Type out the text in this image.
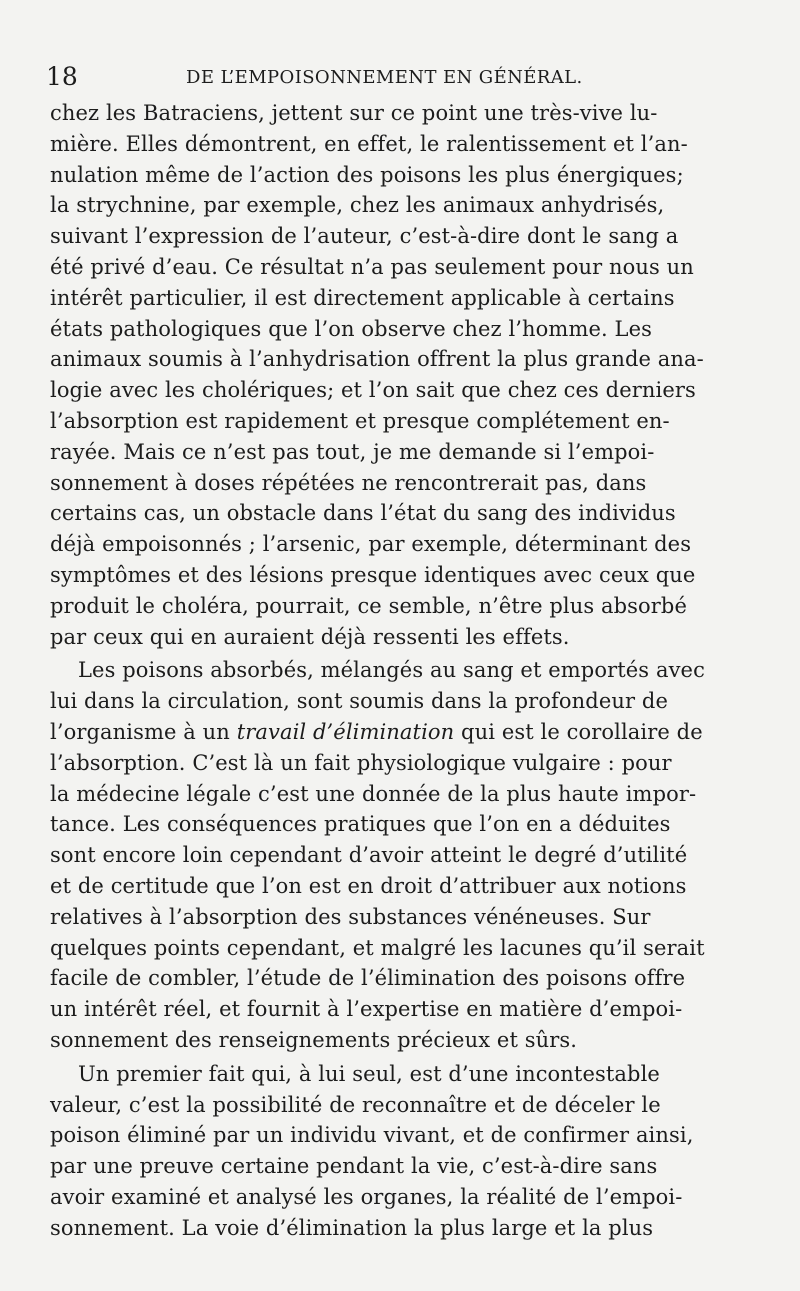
18	DE L’EMPOISONNEMENT EN GÉNÉRAL.
chez les Batraciens, jettent sur ce point une très-vive lu-
mière. Elles démontrent, en effet, le ralentissement et l’an-
nulation même de l’action des poisons les plus énergiques;
la strychnine, par exemple, chez les animaux anhydrisés,
suivant l’expression de l’auteur, c’est-à-dire dont le sang a
été privé d’eau. Ce résultat n’a pas seulement pour nous un
intérêt particulier, il est directement applicable à certains
états pathologiques que l’on observe chez l’homme. Les
animaux soumis à l’anhydrisation offrent la plus grande ana-
logie avec les cholériques; et l’on sait que chez ces derniers
l’absorption est rapidement et presque complétement en-
rayée. Mais ce n’est pas tout, je me demande si l’empoi-
sonnement à doses répétées ne rencontrerait pas, dans
certains cas, un obstacle dans l’état du sang des individus
déjà empoisonnés ; l’arsenic, par exemple, déterminant des
symptômes et des lésions presque identiques avec ceux que
produit le choléra, pourrait, ce semble, n’être plus absorbé
par ceux qui en auraient déjà ressenti les effets.
Les poisons absorbés, mélangés au sang et emportés avec
lui dans la circulation, sont soumis dans la profondeur de
l’organisme à un travail d’élimination qui est le corollaire de
l’absorption. C’est là un fait physiologique vulgaire : pour
la médecine légale c’est une donnée de la plus haute impor-
tance. Les conséquences pratiques que l’on en a déduites
sont encore loin cependant d’avoir atteint le degré d’utilité
et de certitude que l’on est en droit d’attribuer aux notions
relatives à l’absorption des substances vénéneuses. Sur
quelques points cependant, et malgré les lacunes qu’il serait
facile de combler, l’étude de l’élimination des poisons offre
un intérêt réel, et fournit à l’expertise en matière d’empoi-
sonnement des renseignements précieux et sûrs.
Un premier fait qui, à lui seul, est d’une incontestable
valeur, c’est la possibilité de reconnaître et de déceler le
poison éliminé par un individu vivant, et de confirmer ainsi,
par une preuve certaine pendant la vie, c’est-à-dire sans
avoir examiné et analysé les organes, la réalité de l’empoi-
sonnement. La voie d’élimination la plus large et la plus
